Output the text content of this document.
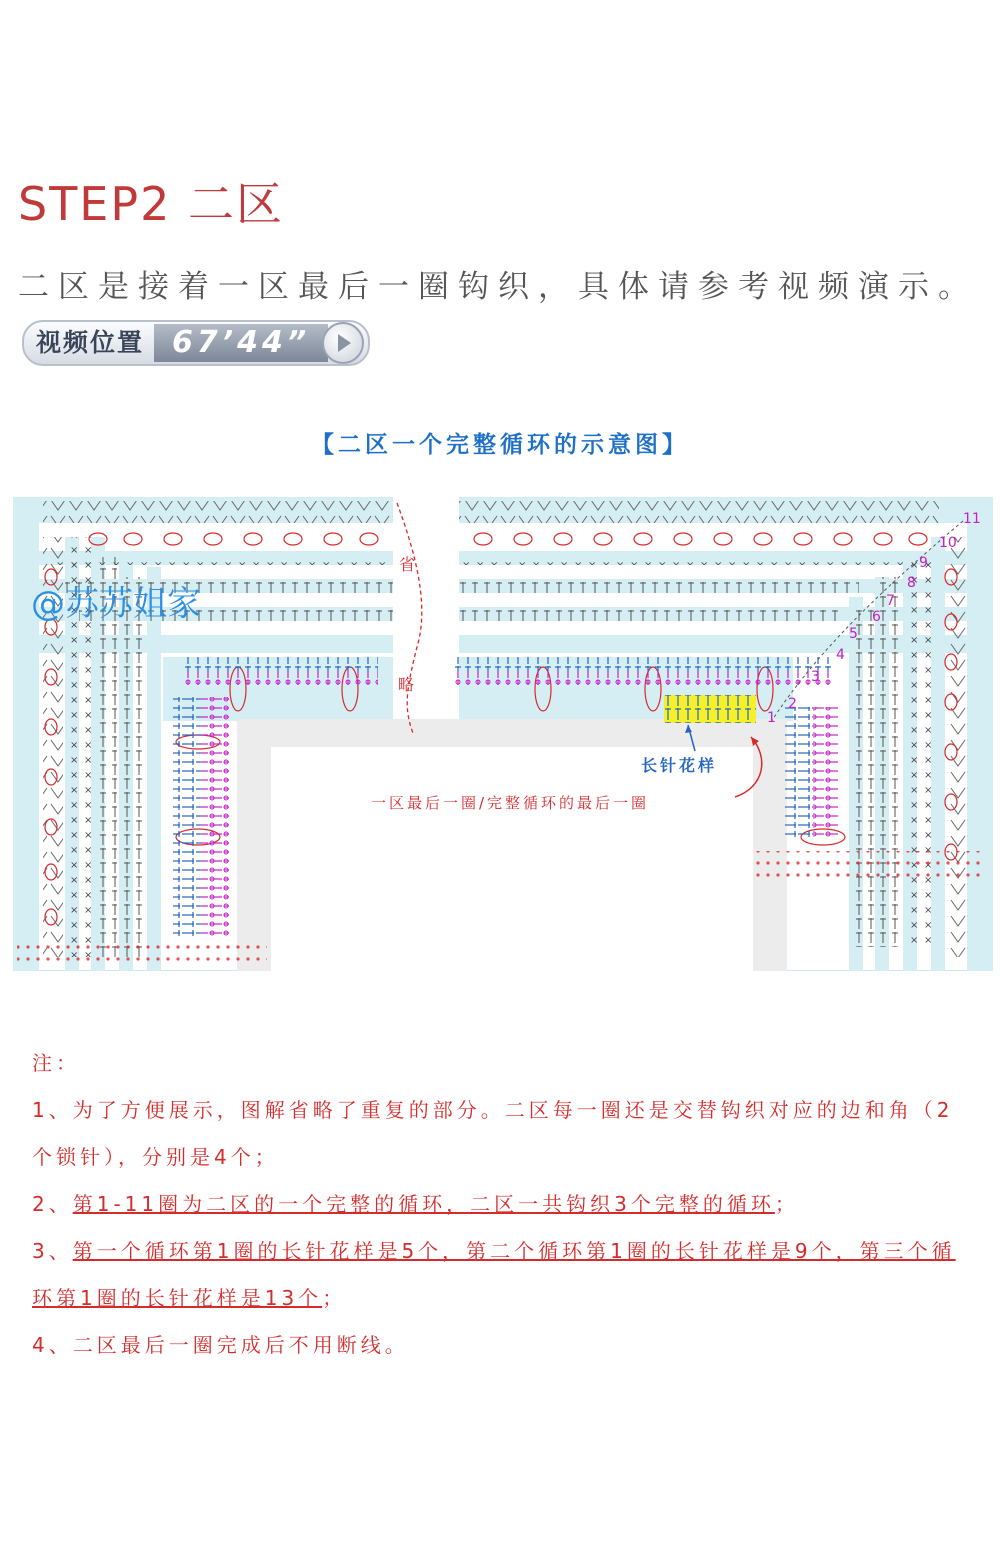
STEP2 二区
二区是接着一区最后一圈钩织，具体请参考视频演示。
视频位置 67’44”
【二区一个完整循环的示意图】
省
略
@苏苏姐家
长针花样
一区最后一圈/完整循环的最后一圈
1
2
3
4
5
6
7
8
9
10
11
注：
1、为了方便展示，图解省略了重复的部分。二区每一圈还是交替钩织对应的边和角（2个锁针），分别是4个；
2、第1-11圈为二区的一个完整的循环，二区一共钩织3个完整的循环；
3、第一个循环第1圈的长针花样是5个，第二个循环第1圈的长针花样是9个，第三个循环第1圈的长针花样是13个；
4、二区最后一圈完成后不用断线。
